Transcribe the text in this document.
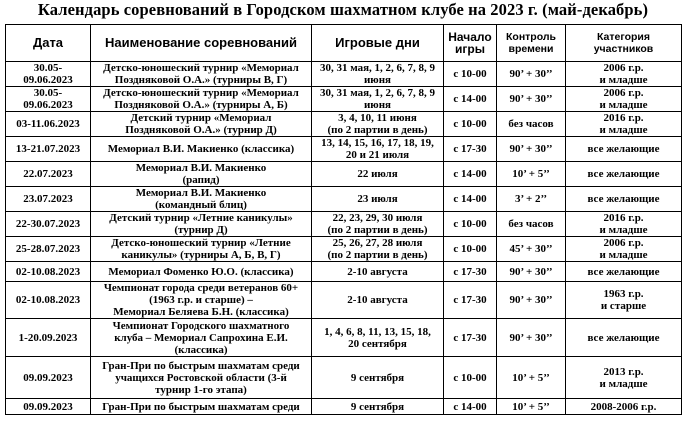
Календарь соревнований в Городском шахматном клубе на 2023 г. (май-декабрь)
Дата	Наименование соревнований	Игровые дни	Начало
игры	Контроль
времени	Категория
участников
30.05-
09.06.2023	Детско-юношеский турнир «Мемориал
Поздняковой О.А.» (турниры В, Г)	30, 31 мая, 1, 2, 6, 7, 8, 9
июня	с 10-00	90’ + 30’’	2006 г.р.
и младше
30.05-
09.06.2023	Детско-юношеский турнир «Мемориал
Поздняковой О.А.» (турниры А, Б)	30, 31 мая, 1, 2, 6, 7, 8, 9
июня	с 14-00	90’ + 30’’	2006 г.р.
и младше
03-11.06.2023	Детский турнир «Мемориал
Поздняковой О.А.» (турнир Д)	3, 4, 10, 11 июня
(по 2 партии в день)	с 10-00	без часов	2016 г.р.
и младше
13-21.07.2023	Мемориал В.И. Макиенко (классика)	13, 14, 15, 16, 17, 18, 19,
20 и 21 июля	с 17-30	90’ + 30’’	все желающие
22.07.2023	Мемориал В.И. Макиенко
(рапид)	22 июля	с 14-00	10’ + 5’’	все желающие
23.07.2023	Мемориал В.И. Макиенко
(командный блиц)	23 июля	с 14-00	3’ + 2’’	все желающие
22-30.07.2023	Детский турнир «Летние каникулы»
(турнир Д)	22, 23, 29, 30 июля
(по 2 партии в день)	с 10-00	без часов	2016 г.р.
и младше
25-28.07.2023	Детско-юношеский турнир «Летние
каникулы» (турниры А, Б, В, Г)	25, 26, 27, 28 июля
(по 2 партии в день)	с 10-00	45’ + 30’’	2006 г.р.
и младше
02-10.08.2023	Мемориал Фоменко Ю.О. (классика)	2-10 августа	с 17-30	90’ + 30’’	все желающие
02-10.08.2023	Чемпионат города среди ветеранов 60+
(1963 г.р. и старше) –
Мемориал Беляева Б.Н. (классика)	2-10 августа	с 17-30	90’ + 30’’	1963 г.р.
и старше
1-20.09.2023	Чемпионат Городского шахматного
клуба – Мемориал Сапрохина Е.И.
(классика)	1, 4, 6, 8, 11, 13, 15, 18,
20 сентября	с 17-30	90’ + 30’’	все желающие
09.09.2023	Гран-При по быстрым шахматам среди
учащихся Ростовской области (3-й
турнир 1-го этапа)	9 сентября	с 10-00	10’ + 5’’	2013 г.р.
и младше
09.09.2023	Гран-При по быстрым шахматам среди	9 сентября	с 14-00	10’ + 5’’	2008-2006 г.р.
